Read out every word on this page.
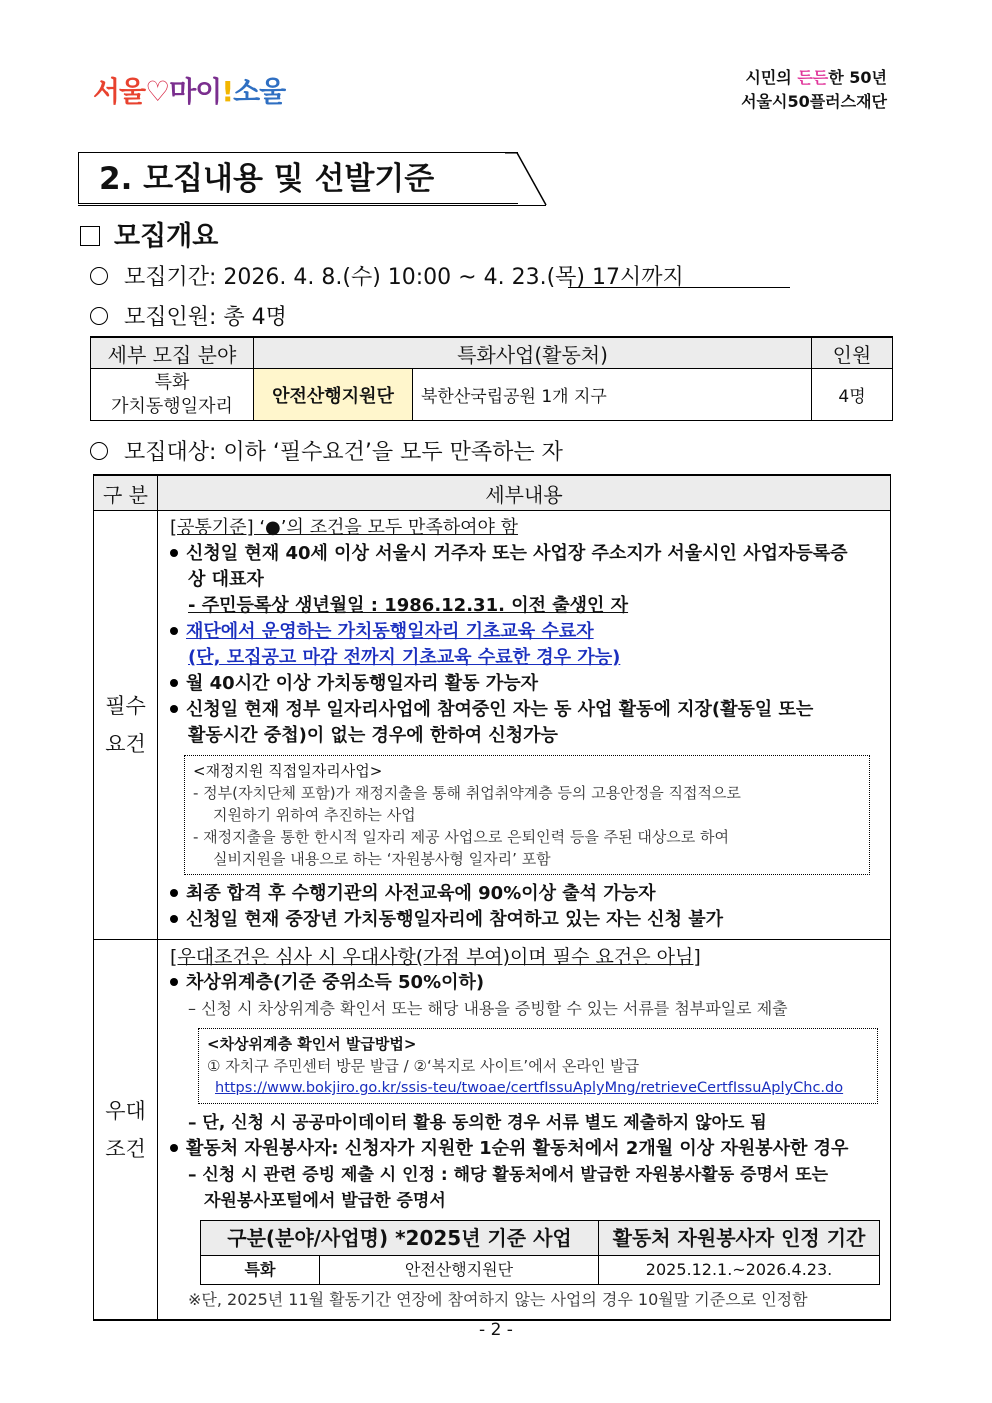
서울♡마이!소울	시민의 든든한 50년
서울시50플러스재단
2. 모집내용 및 선발기준
모집개요
모집기간: 2026. 4. 8.(수) 10:00 ~ 4. 23.(목) 17시까지
모집인원: 총 4명
세부 모집 분야	특화사업(활동처)		인원

특화
가치동행일자리	안전산행지원단	북한산국립공원 1개 지구	4명
모집대상: 이하 ‘필수요건’을 모두 만족하는 자
구 분	세부내용

필수
요건

[공통기준] ‘●’의 조건을 모두 만족하여야 함
신청일 현재 40세 이상 서울시 거주자 또는 사업장 주소지가 서울시인 사업자등록증
상 대표자
- 주민등록상 생년월일 : 1986.12.31. 이전 출생인 자
재단에서 운영하는 가치동행일자리 기초교육 수료자
(단, 모집공고 마감 전까지 기초교육 수료한 경우 가능)
월 40시간 이상 가치동행일자리 활동 가능자
신청일 현재 정부 일자리사업에 참여중인 자는 동 사업 활동에 지장(활동일 또는
활동시간 중첩)이 없는 경우에 한하여 신청가능
<재정지원 직접일자리사업>
- 정부(자치단체 포함)가 재정지출을 통해 취업취약계층 등의 고용안정을 직접적으로
지원하기 위하여 추진하는 사업
- 재정지출을 통한 한시적 일자리 제공 사업으로 은퇴인력 등을 주된 대상으로 하여
실비지원을 내용으로 하는 ‘자원봉사형 일자리’ 포함
최종 합격 후 수행기관의 사전교육에 90%이상 출석 가능자
신청일 현재 중장년 가치동행일자리에 참여하고 있는 자는 신청 불가

우대
조건

[우대조건은 심사 시 우대사항(가점 부여)이며 필수 요건은 아님]
차상위계층(기준 중위소득 50%이하)
– 신청 시 차상위계층 확인서 또는 해당 내용을 증빙할 수 있는 서류를 첨부파일로 제출
<차상위계층 확인서 발급방법>
① 자치구 주민센터 방문 발급 / ②‘복지로 사이트’에서 온라인 발급
https://www.bokjiro.go.kr/ssis-teu/twoae/certfIssuAplyMng/retrieveCertfIssuAplyChc.do
– 단, 신청 시 공공마이데이터 활용 동의한 경우 서류 별도 제출하지 않아도 됨
활동처 자원봉사자: 신청자가 지원한 1순위 활동처에서 2개월 이상 자원봉사한 경우
– 신청 시 관련 증빙 제출 시 인정 : 해당 활동처에서 발급한 자원봉사활동 증명서 또는
자원봉사포털에서 발급한 증명서
구분(분야/사업명) *2025년 기준 사업	활동처 자원봉사자 인정 기간
특화	안전산행지원단	2025.12.1.~2026.4.23.
※단, 2025년 11월 활동기간 연장에 참여하지 않는 사업의 경우 10월말 기준으로 인정함
- 2 -
